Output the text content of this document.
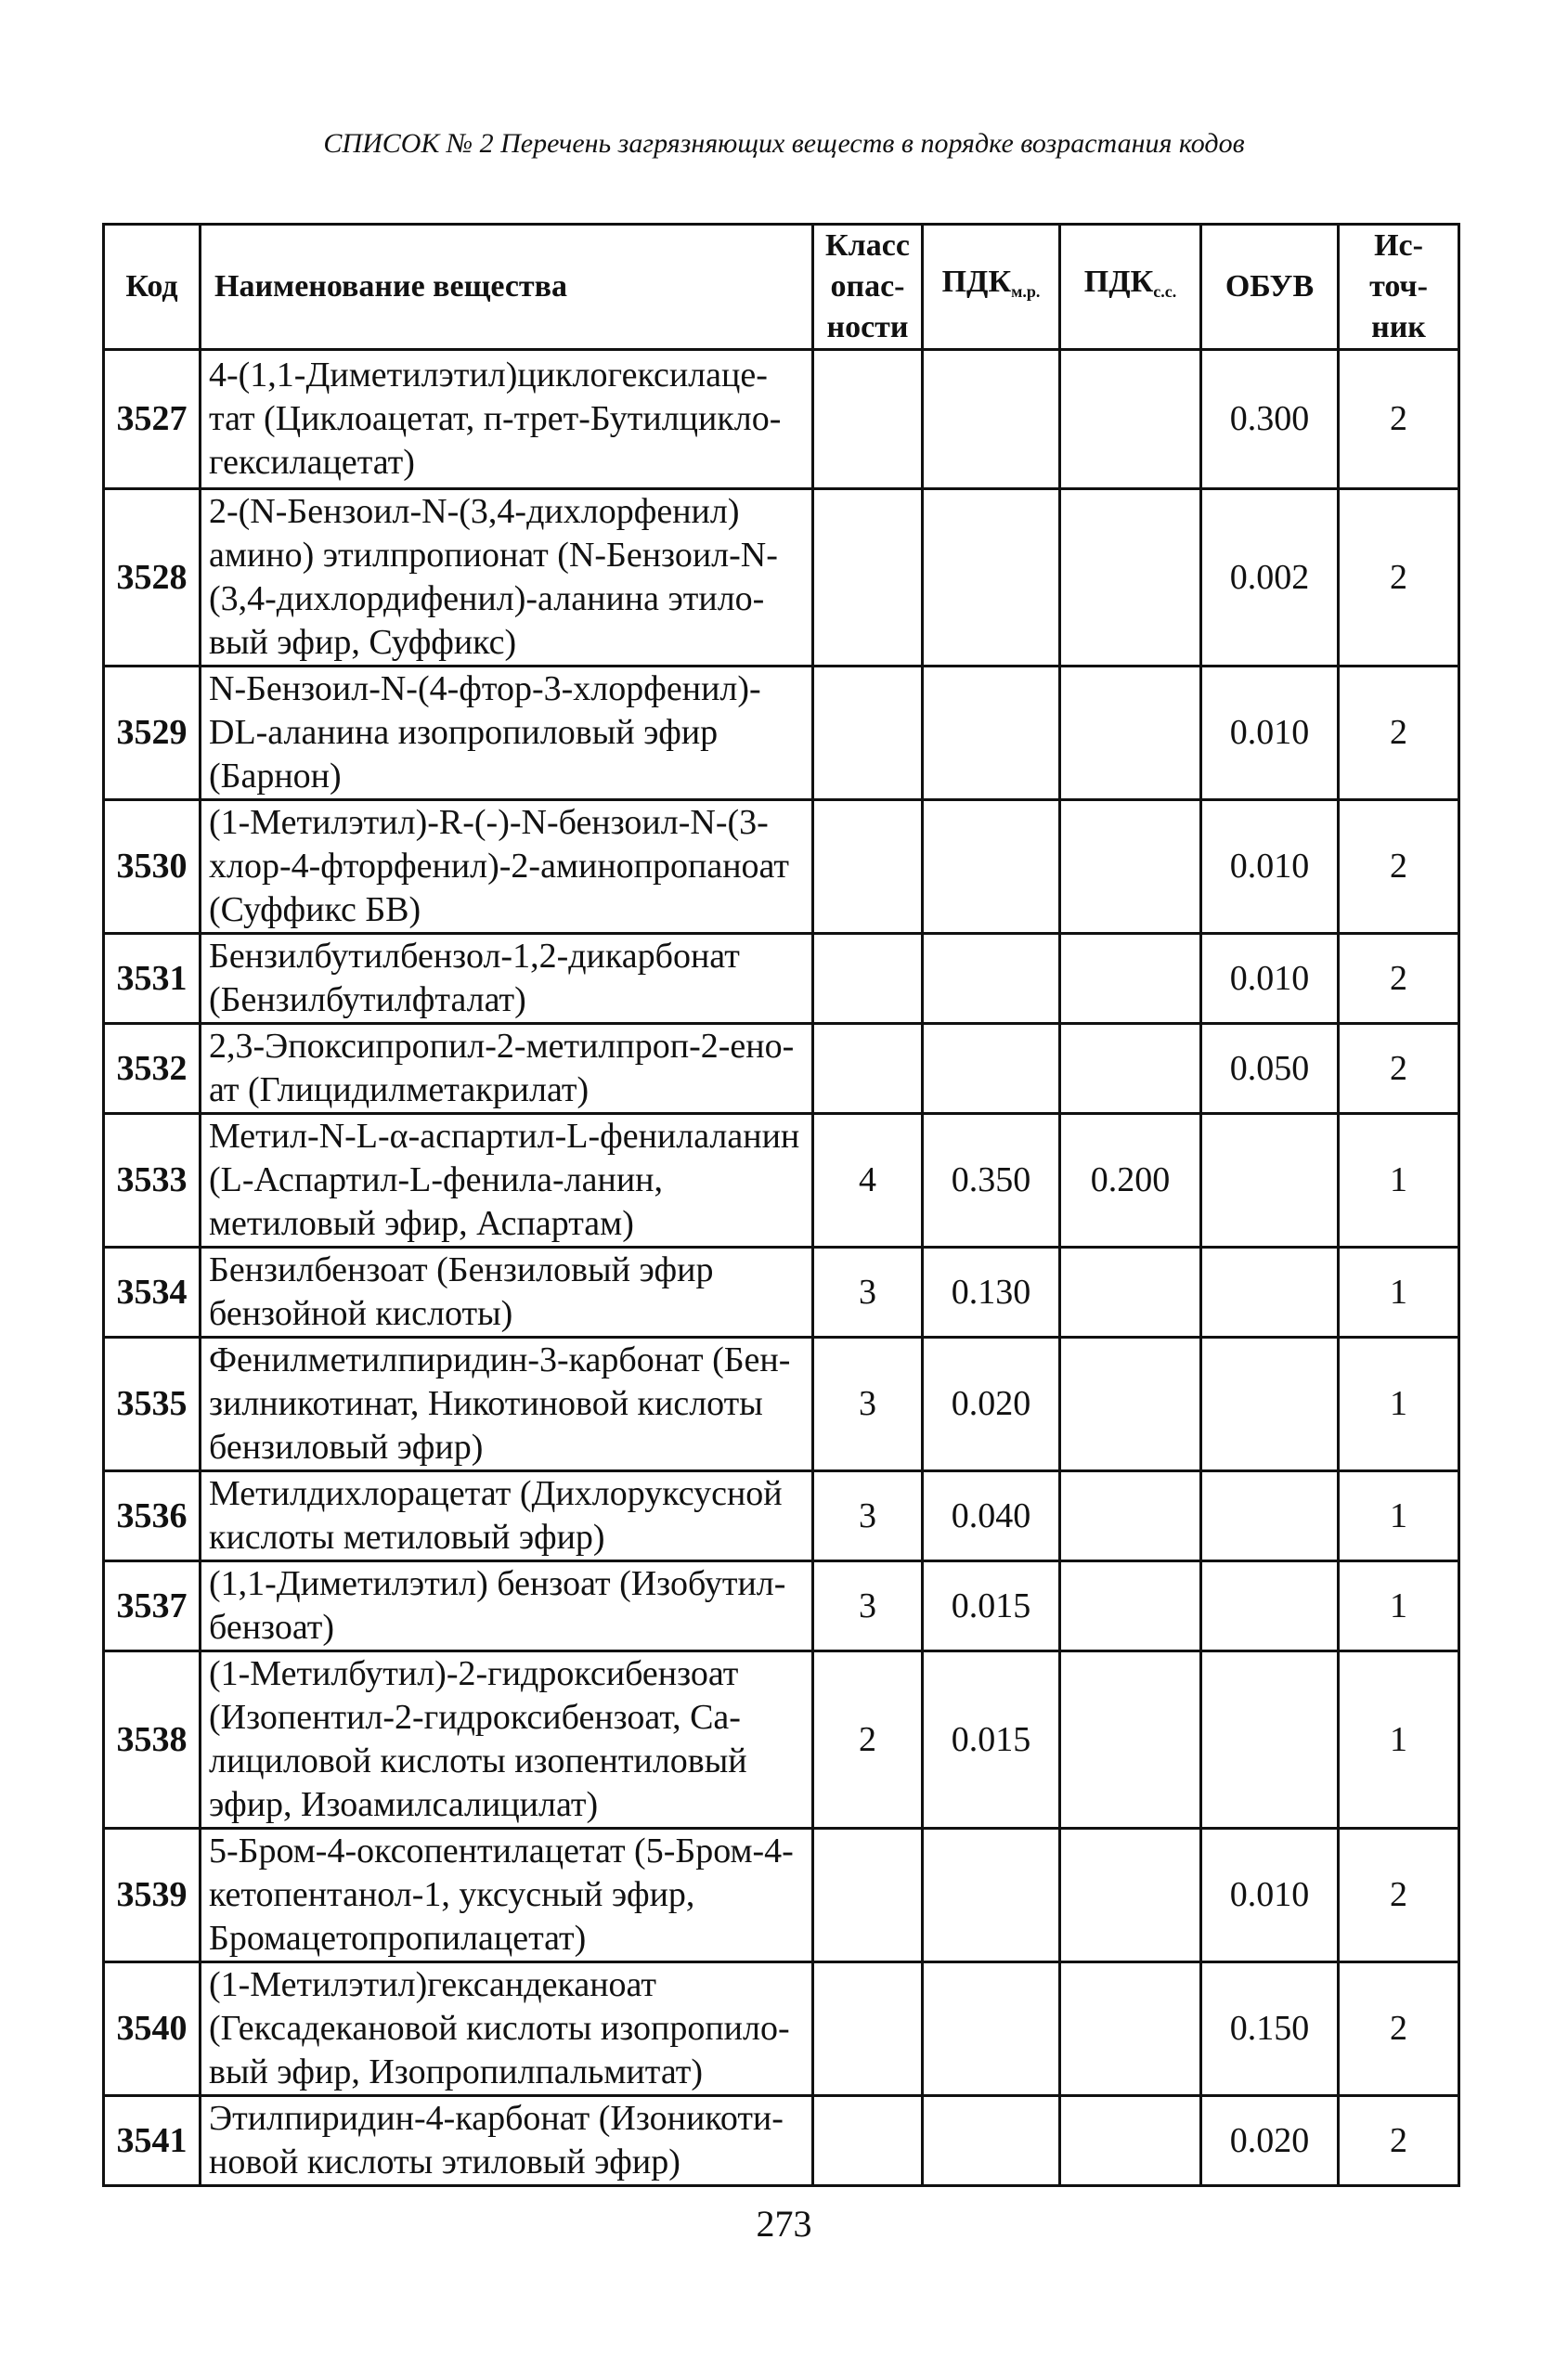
СПИСОК № 2 Перечень загрязняющих веществ в порядке возрастания кодов
Код	Наименование вещества	Класс опас-ности	$ПДК_{м.р.}$	$ПДК_{с.с.}$	ОБУВ	Ис-точ-ник
3527	4-(1,1-Диметилэтил)циклогексилаце-тат (Циклоацетат, п-трет-Бутилцикло-гексилацетат)				0.300	2
3528	2-(N-Бензоил-N-(3,4-дихлорфенил) амино) этилпропионат (N-Бензоил-N-(3,4-дихлордифенил)-аланина этило-вый эфир, Суффикс)				0.002	2
3529	N-Бензоил-N-(4-фтор-3-хлорфенил)-DL-аланина изопропиловый эфир (Барнон)				0.010	2
3530	(1-Метилэтил)-R-(-)-N-бензоил-N-(3-хлор-4-фторфенил)-2-аминопропаноат (Суффикс БВ)				0.010	2
3531	Бензилбутилбензол-1,2-дикарбонат (Бензилбутилфталат)				0.010	2
3532	2,3-Эпоксипропил-2-метилпроп-2-ено-ат (Глицидилметакрилат)				0.050	2
3533	Метил-N-L-α-аспартил-L-фенилаланин (L-Аспартил-L-фенила-ланин, метиловый эфир, Аспартам)	4	0.350	0.200		1
3534	Бензилбензоат (Бензиловый эфир бензойной кислоты)	3	0.130			1
3535	Фенилметилпиридин-3-карбонат (Бен-зилникотинат, Никотиновой кислоты бензиловый эфир)	3	0.020			1
3536	Метилдихлорацетат (Дихлоруксусной кислоты метиловый эфир)	3	0.040			1
3537	(1,1-Диметилэтил) бензоат (Изобутил-бензоат)	3	0.015			1
3538	(1-Метилбутил)-2-гидроксибензоат (Изопентил-2-гидроксибензоат, Са-лициловой кислоты изопентиловый эфир, Изоамилсалицилат)	2	0.015			1
3539	5-Бром-4-оксопентилацетат (5-Бром-4-кетопентанол-1, уксусный эфир, Бромацетопропилацетат)				0.010	2
3540	(1-Метилэтил)гександеканоат (Гексадекановой кислоты изопропило-вый эфир, Изопропилпальмитат)				0.150	2
3541	Этилпиридин-4-карбонат (Изоникоти-новой кислоты этиловый эфир)				0.020	2
273
